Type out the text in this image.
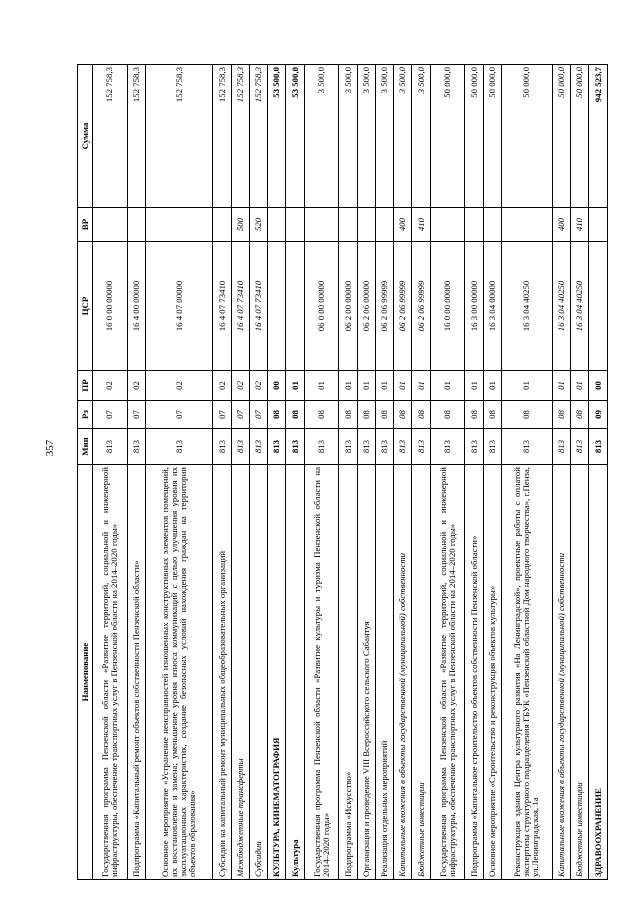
357
Наименование	Мин	Рз	ПР	ЦСР	ВР	Сумма
Государственная программа Пензенской области «Развитие территорий, социальной и инженерной инфраструктуры, обеспечение транспортных услуг в Пензенской области на 2014–2020 годы»	813	07	02	16 0 00 00000		152 758,3
Подпрограмма «Капитальный ремонт объектов собственности Пензенской области»	813	07	02	16 4 00 00000		152 758,3
Основное мероприятие «Устранение неисправностей изношенных конструктивных элементов помещений, их восстановление и замена; уменьшение уровня износа коммуникаций с целью улучшения уровня их эксплуатационных характеристик, создание безопасных условий нахождения граждан на территории объектов образования»	813	07	02	16 4 07 00000		152 758,3
Субсидии на капитальный ремонт муниципальных общеобразовательных организаций	813	07	02	16 4 07 73410		152 758,3
Межбюджетные трансферты	813	07	02	16 4 07 73410	500	152 758,3
Субсидии	813	07	02	16 4 07 73410	520	152 758,3
КУЛЬТУРА, КИНЕМАТОГРАФИЯ	813	08	00			53 500,0
Культура	813	08	01			53 500,0
Государственная программа Пензенской области «Развитие культуры и туризма Пензенской области на 2014–2020 годы»	813	08	01	06 0 00 00000		3 500,0
Подпрограмма «Искусство»	813	08	01	06 2 00 00000		3 500,0
Организация и проведение VIII Всероссийского сельского Сабантуя	813	08	01	06 2 06 00000		3 500,0
Реализация отдельных мероприятий	813	08	01	06 2 06 99999		3 500,0
Капитальные вложения в объекты государственной (муниципальной) собственности	813	08	01	06 2 06 99999	400	3 500,0
Бюджетные инвестиции	813	08	01	06 2 06 99999	410	3 500,0
Государственная программа Пензенской области «Развитие территорий, социальной и инженерной инфраструктуры, обеспечение транспортных услуг в Пензенской области на 2014–2020 годы»	813	08	01	16 0 00 00000		50 000,0
Подпрограмма «Капитальное строительство объектов собственности Пензенской области»	813	08	01	16 3 00 00000		50 000,0
Основное мероприятие «Строительство и реконструкция объектов культуры»	813	08	01	16 3 04 00000		50 000,0
Реконструкция здания Центра культурного развития «На Ленинградской», проектные работы с оплатой экспертизы структурного подразделения ГБУК «Пензенский областной Дом народного творчества», г.Пенза, ул.Ленинградская, 1а	813	08	01	16 3 04 40250		50 000,0
Капитальные вложения в объекты государственной (муниципальной) собственности	813	08	01	16 3 04 40250	400	50 000,0
Бюджетные инвестиции	813	08	01	16 3 04 40250	410	50 000,0
ЗДРАВООХРАНЕНИЕ	813	09	00			942 523,7
